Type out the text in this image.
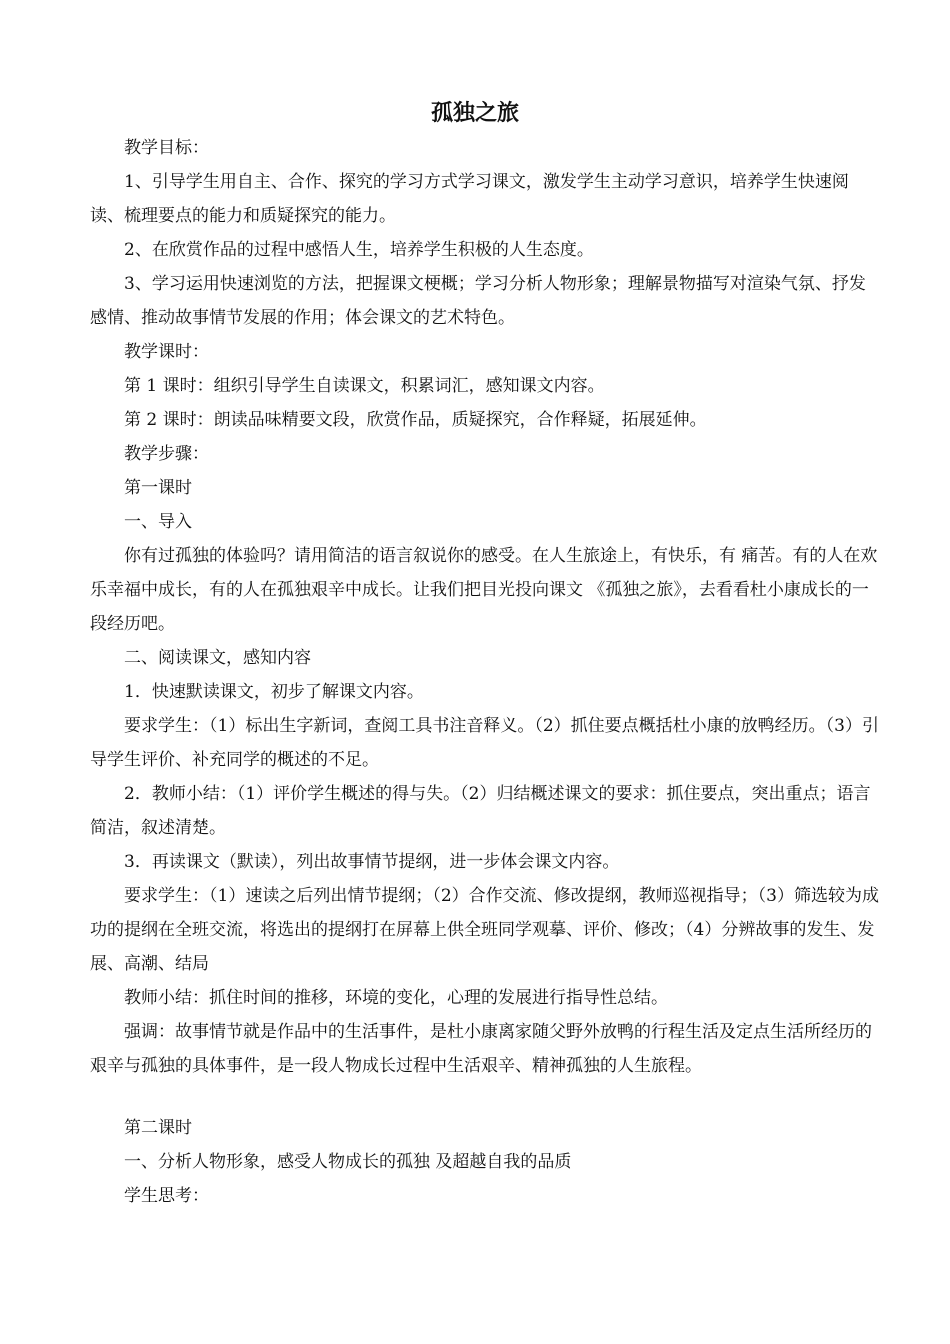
孤独之旅

教学目标：

1、引导学生用自主、合作、探究的学习方式学习课文，激发学生主动学习意识，培养学生快速阅读、梳理要点的能力和质疑探究的能力。

2、在欣赏作品的过程中感悟人生，培养学生积极的人生态度。

3、学习运用快速浏览的方法，把握课文梗概；学习分析人物形象；理解景物描写对渲染气氛、抒发感情、推动故事情节发展的作用；体会课文的艺术特色。

教学课时：

第 1 课时：组织引导学生自读课文，积累词汇，感知课文内容。

第 2 课时：朗读品味精要文段，欣赏作品，质疑探究，合作释疑，拓展延伸。

教学步骤：

第一课时

一、导入

你有过孤独的体验吗？请用简洁的语言叙说你的感受。在人生旅途上，有快乐，有 痛苦。有的人在欢乐幸福中成长，有的人在孤独艰辛中成长。让我们把目光投向课文 《孤独之旅》，去看看杜小康成长的一段经历吧。

二、阅读课文，感知内容

1．快速默读课文，初步了解课文内容。

要求学生：（1）标出生字新词，查阅工具书注音释义。（2）抓住要点概括杜小康的放鸭经历。（3）引导学生评价、补充同学的概述的不足。

2．教师小结：（1）评价学生概述的得与失。（2）归结概述课文的要求：抓住要点，突出重点；语言简洁，叙述清楚。

3．再读课文（默读），列出故事情节提纲，进一步体会课文内容。

要求学生：（1）速读之后列出情节提纲；（2）合作交流、修改提纲，教师巡视指导；（3）筛选较为成功的提纲在全班交流，将选出的提纲打在屏幕上供全班同学观摹、评价、修改；（4）分辨故事的发生、发展、高潮、结局

教师小结：抓住时间的推移，环境的变化，心理的发展进行指导性总结。

强调：故事情节就是作品中的生活事件，是杜小康离家随父野外放鸭的行程生活及定点生活所经历的艰辛与孤独的具体事件，是一段人物成长过程中生活艰辛、精神孤独的人生旅程。

第二课时

一、分析人物形象，感受人物成长的孤独 及超越自我的品质

学生思考：
